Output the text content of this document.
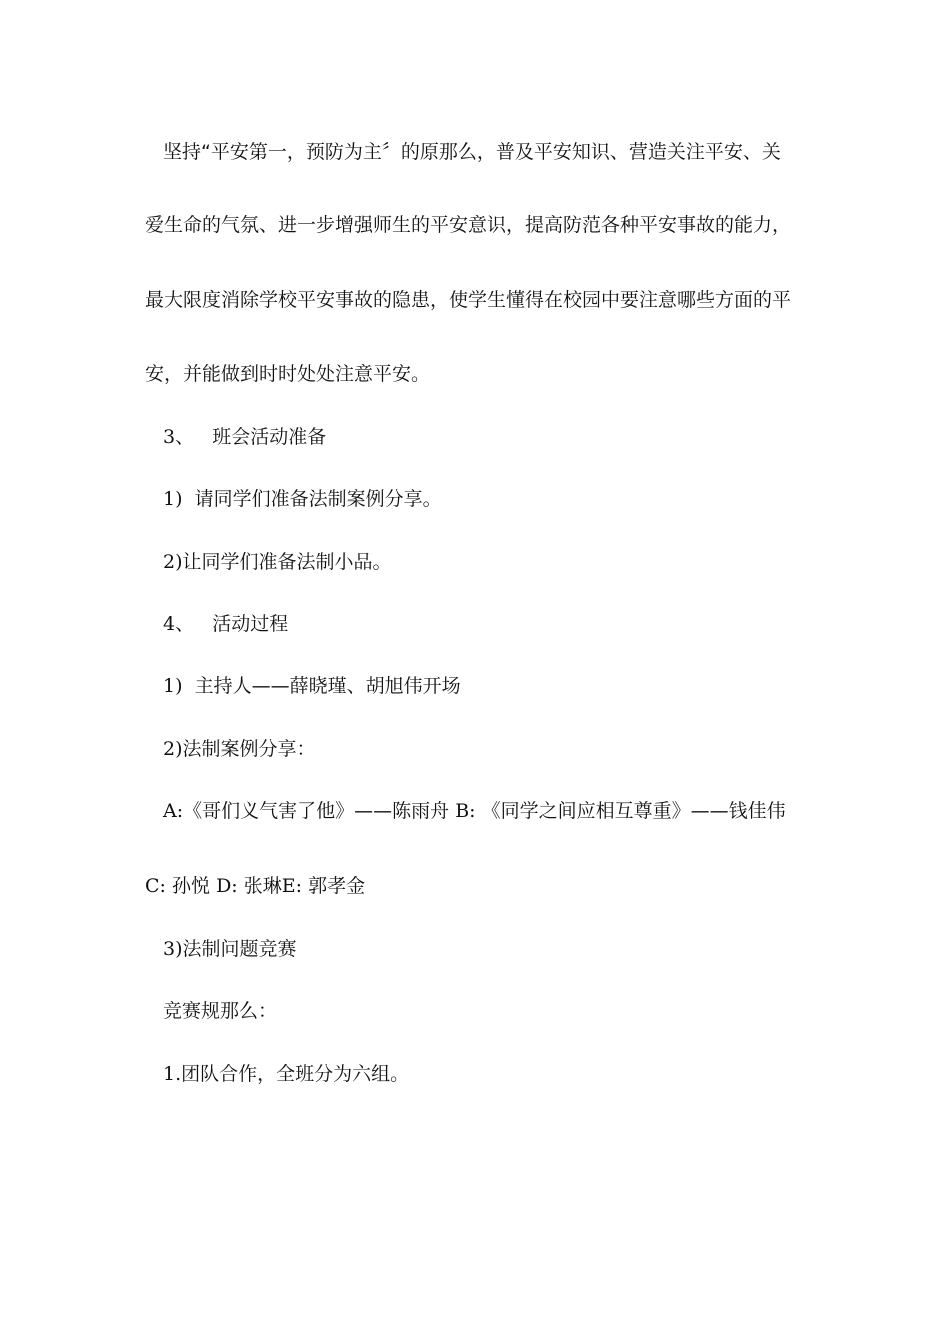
坚持“平安第一，预防为主〞的原那么，普及平安知识、营造关注平安、关
爱生命的气氛、进一步增强师生的平安意识，提高防范各种平安事故的能力，
最大限度消除学校平安事故的隐患，使学生懂得在校园中要注意哪些方面的平
安，并能做到时时处处注意平安。
3、 班会活动准备
1) 请同学们准备法制案例分享。
2)让同学们准备法制小品。
4、 活动过程
1) 主持人——薛晓瑾、胡旭伟开场
2)法制案例分享：
A:《哥们义气害了他》——陈雨舟 B: 《同学之间应相互尊重》——钱佳伟
C: 孙悦 D: 张琳E: 郭孝金
3)法制问题竞赛
竞赛规那么：
1.团队合作，全班分为六组。
